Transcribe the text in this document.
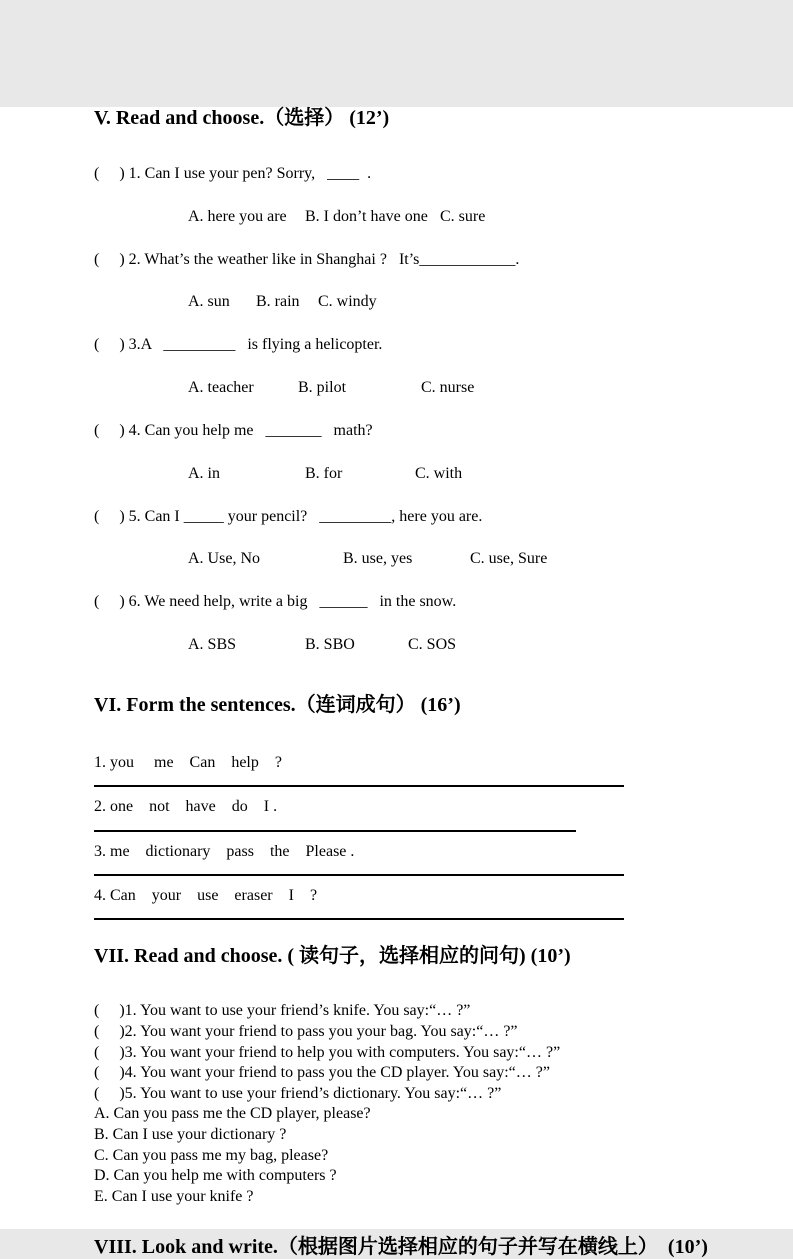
V. Read and choose.（选择） (12’)
(     ) 1. Can I use your pen? Sorry,   ____  .

A. here you are B. I don’t have one C. sure

(     ) 2. What’s the weather like in Shanghai ?   It’s____________.

A. sun B. rain C. windy

(     ) 3.A   _________   is flying a helicopter.

A. teacher	B. pilot	C. nurse

(     ) 4. Can you help me   _______   math?

A. in	B. for	C. with

(     ) 5. Can I _____ your pencil?   _________, here you are.

A. Use, No	B. use, yes	C. use, Sure

(     ) 6. We need help, write a big   ______   in the snow.

A. SBS	B. SBO	C. SOS

VI. Form the sentences.（连词成句） (16’)
1. you     me    Can    help    ?
2. one    not    have    do    I .
3. me    dictionary    pass    the    Please .
4. Can    your    use    eraser    I    ?
VII. Read and choose. ( 读句子，选择相应的问句) (10’)
(     )1. You want to use your friend’s knife. You say:“… ?”
(     )2. You want your friend to pass you your bag. You say:“… ?”
(     )3. You want your friend to help you with computers. You say:“… ?”
(     )4. You want your friend to pass you the CD player. You say:“… ?”
(     )5. You want to use your friend’s dictionary. You say:“… ?”
A. Can you pass me the CD player, please?
B. Can I use your dictionary ?
C. Can you pass me my bag, please?
D. Can you help me with computers ?
E. Can I use your knife ?
VIII. Look and write.（根据图片选择相应的句子并写在横线上）  (10’)
